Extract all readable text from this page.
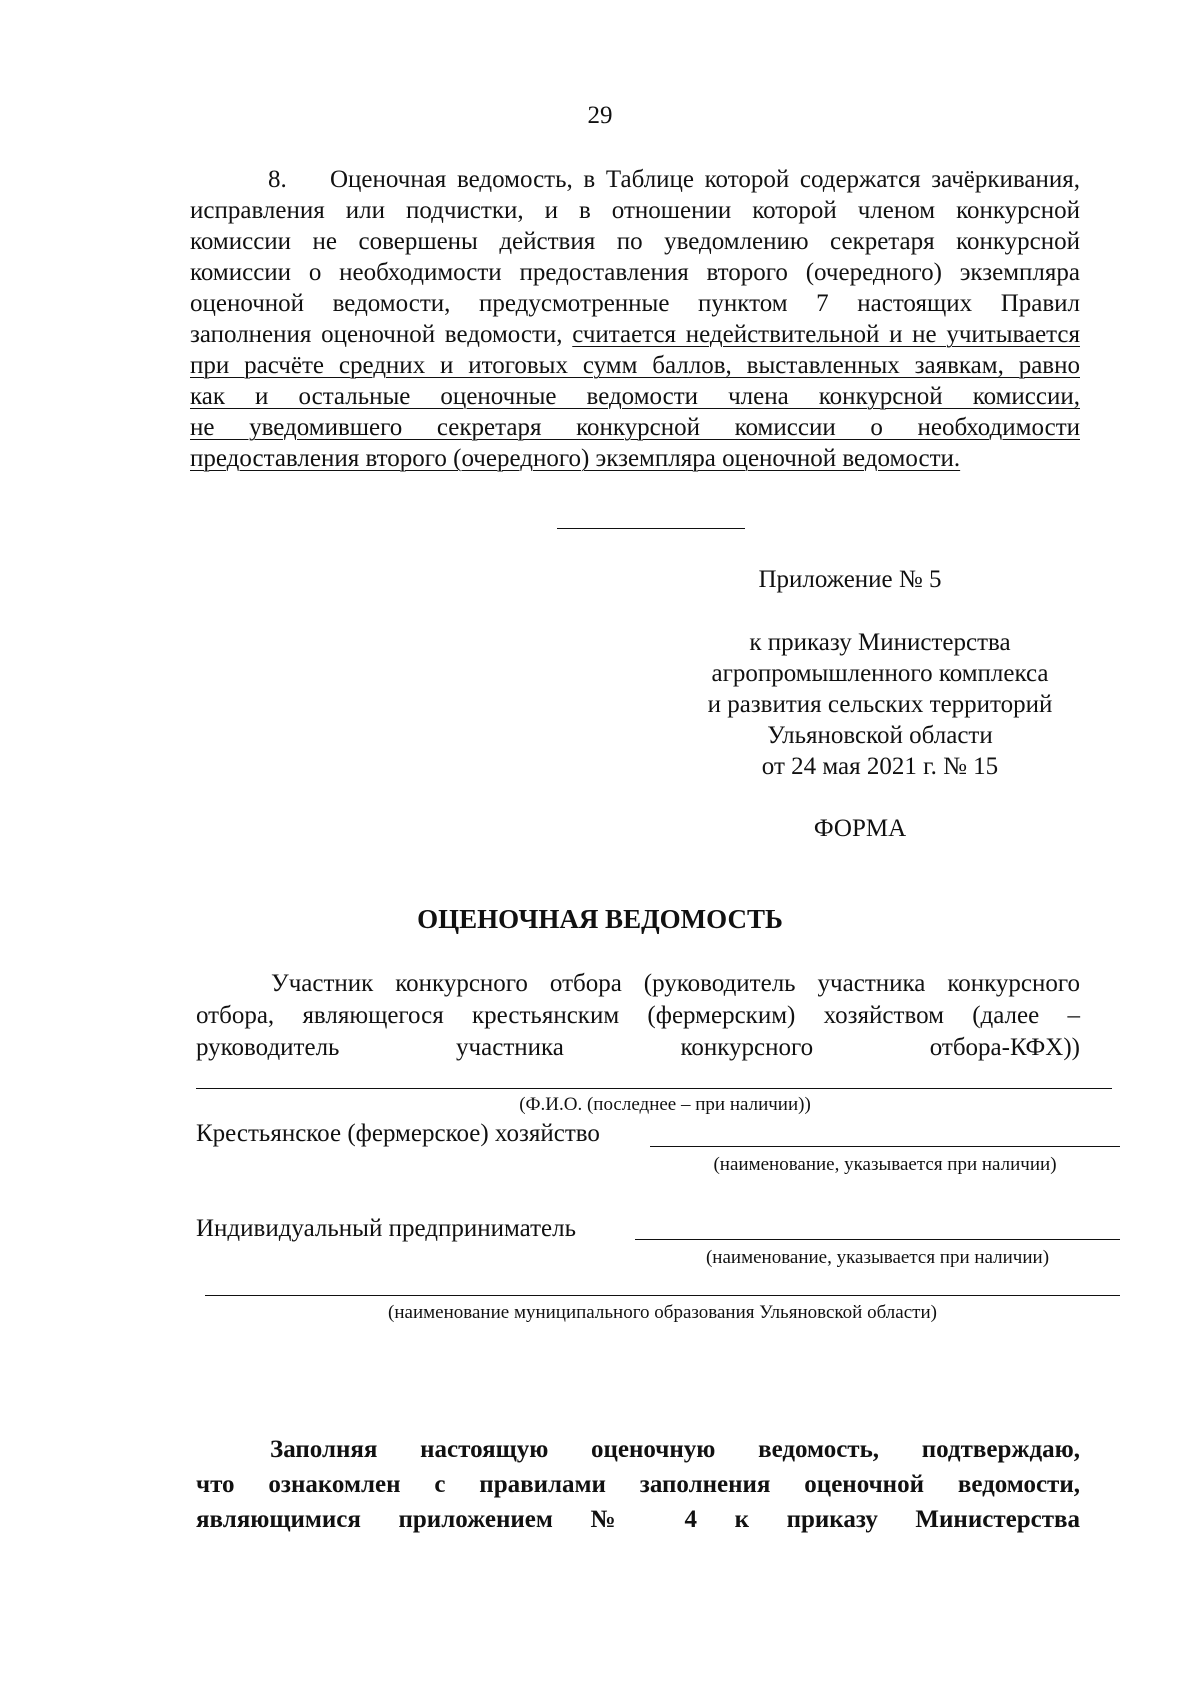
29
8. Оценочная ведомость, в Таблице которой содержатся зачёркивания,
исправления или подчистки, и в отношении которой членом конкурсной
комиссии не совершены действия по уведомлению секретаря конкурсной
комиссии о необходимости предоставления второго (очередного) экземпляра
оценочной ведомости, предусмотренные пунктом 7 настоящих Правил
заполнения оценочной ведомости, считается недействительной и не учитывается
при расчёте средних и итоговых сумм баллов, выставленных заявкам, равно
как и остальные оценочные ведомости члена конкурсной комиссии,
не уведомившего секретаря конкурсной комиссии о необходимости
предоставления второго (очередного) экземпляра оценочной ведомости.
Приложение № 5
к приказу Министерства
агропромышленного комплекса
и развития сельских территорий
Ульяновской области
от 24 мая 2021 г. № 15
ФОРМА
ОЦЕНОЧНАЯ ВЕДОМОСТЬ
Участник конкурсного отбора (руководитель участника конкурсного
отбора, являющегося крестьянским (фермерским) хозяйством (далее –
руководитель участника конкурсного отбора-КФХ))
(Ф.И.О. (последнее – при наличии))
Крестьянское (фермерское) хозяйство
(наименование, указывается при наличии)
Индивидуальный предприниматель
(наименование, указывается при наличии)
(наименование муниципального образования Ульяновской области)
Заполняя настоящую оценочную ведомость, подтверждаю,
что ознакомлен с правилами заполнения оценочной ведомости,
являющимися приложением № 4 к приказу Министерства
